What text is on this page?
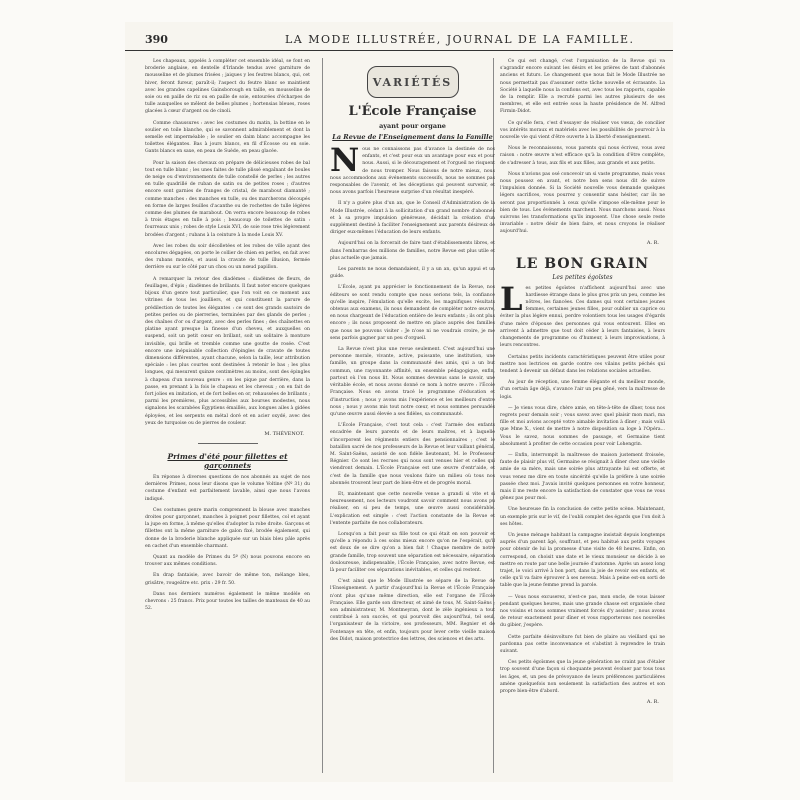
390	LA MODE ILLUSTRÉE, JOURNAL DE LA FAMILLE.

Les chapeaux, appelés à compléter cet ensemble idéal, se font en broderie anglaise, en dentelle d'Irlande tendus avec garniture de mousseline et de plumes frisées ; jaiques y les feutres blancs, qui, cet hiver, feront fureur, paraît-il; l'aspect du feutre blanc se maintient avec les grandes capelines Gainsborough en taille, en mousseline de soie ou en paille de riz ou en paille de soie, entourées d'écharpes de tulle auxquelles se mêlent de belles plumes ; hortensias bleues, roses glacées à cœur d'argent ou de cinoli.

Comme chaussures : avec les costumes du matin, la bottine en le soulier en toile blanche, qui se savonnent admirablement et dont la semelle est imperméable ; le soulier en daim blanc accompagne les toilettes élégantes. Bas à jours blancs, en fil d'Écosse ou en soie. Gants blancs en saxe, en peau de Suède, en peau glacée.

Pour la saison des chevaux on prépare de délicieuses robes de bal tout en tulle blanc ; les unes faites de tulle plissé engaînant de boules de neige ou d'environnements de tulle constellé de perles ; les autres en tulle quadrillé de ruban de satin ou de petites roses ; d'autres encore sont garnies de franges de cristal, de marabout diamanté ; comme manches : des manches en tulle, ou des marcherons découpés en forme de larges feuilles d'acanthe ou de rochettes de tulle légères comme des plumes de marabout. On verra encore beaucoup de robes à trois étages en tulle à pois ; beaucoup de toilettes de satin : fourreaux unis ; robes de style Louis XVI, de soie rose très légèrement brodées d'argent ; rubans à la ceinture à la mode Louis XV.

Avec les robes du soir décolletées et les robes de ville ayant des encolures dégagées, on porte le collier de chien en perles, en fait avec des rubans montés, et aussi la cravate de tulle illusion, fermée derrière ou sur le côté par un chou ou un nœud papillon.

A remarquer la retour des diadèmes : diadèmes de fleurs, de feuillages, d'épis ; diadèmes de brillants. Il faut noter encore quelques bijoux d'un genre tout particulier, que l'on voit en ce moment aux vitrines de tous les joailliers, et qui constituent la parure de prédilection de toutes les élégantes : ce sont des grands sautoirs de petites perles ou de pierreries, terminées par des glands de perles ; des chaînes d'or ou d'argent, avec des perles fines ; des chaînettes en platine ayant presque la finesse d'un cheveu, et auxquelles on suspend, soit un petit cœur en brillant, soit un solitaire à monture invisible, qui brille et tremble comme une goutte de rosée. C'est encore une inépuisable collection d'épingles de cravate de toutes dimensions différentes, ayant chacune, selon la taille, leur attribution spéciale : les plus courtes sont destinées à retenir le bas ; les plus longues, qui mesurent quinze centimètres au moins, sont des épingles à chapeau d'un nouveau genre : on les pique par derrière, dans la passe, en prenant à la fois le chapeau et les cheveux ; on en fait de fort jolies en imitation, et de fort belles en or, rehaussées de brillants ; parmi les premières, plus accessibles aux bourses modestes, nous signalons les scarabées Égyptiens émaillés, aux longues ailes à gidées éployées, et les serpents en métal doré et en acier oxydé, avec des yeux de turquoise ou de pierres de couleur.

M. THÉVENOT.
Primes d'été pour fillettes et garçonnets

En réponse à diverses questions de nos abonnés au sujet de nos dernières Primes, nous leur disons que le volume Voltine (Nº 31) du costume d'enfant est parfaitement lavable, ainsi que nous l'avons indiqué.

Ces costumes genre marin comprennent la blouse avec manches droites pour garçonnet, manches à poignet pour fillettes, col et ayant la jupe en forme, à même qu'elles d'adopter la robe droite. Garçons et fillettes ont la même garniture de galon fixé, brodée également, qui donne de la broderie blanche appliquée sur un biais bleu pâle après en cachet d'un ensemble charmant.

Quant au modèle de Primes du 5º (N) nous pouvons encore en trouver aux mêmes conditions.

En drap fantaisie, avec bavoir de même ton, mélange bleu, grisâtre, rougeâtre etc. prix : 29 fr. 50.

Dans nos derniers numéros également le même modèle en chevrons : 25 francs. Prix pour toutes les tailles de manteaux de 40 au 52.

VARIÉTÉS
L'École Française
ayant pour organe
La Revue de l'Enseignement dans la Famille

Nous ne connaissons pas d'avance la destinée de nos enfants, et c'est pour eux un avantage pour eux et pour nous. Aussi, si le découragement et l'orgueil ne risquent de nous tromper. Nous faisons de notre mieux, nous nous accommodons aux événements successifs, nous ne sommes pas responsables de l'avenir, et les déceptions qui peuvent survenir, et nous avons parfois l'heureuse surprise d'un résultat inespéré.

Il n'y a guère plus d'un an, que le Conseil d'Administration de la Mode Illustrée, cédant à la sollicitation d'un grand nombre d'abonnés et à sa propre impulsion généreuse, décidait la création d'un supplément destiné à faciliter l'enseignement aux parents désireux de diriger eux-mêmes l'éducation de leurs enfants.

Aujourd'hui on la forcerait de faire tant d'établissements libres, et dans l'embarras des millions de familles, notre Revue est plus utile et plus actuelle que jamais.

Les parents ne nous demandaient, il y a un an, qu'un appui et un guide.

L'École, ayant pu apprécier le fonctionnement de la Revue, nos éditeurs se sont rendu compte que nous serions tels, la confiance qu'elle inspire, l'émulation qu'elle excite, les magnifiques résultats obtenus aux examens, ils nous demandent de compléter notre œuvre, en nous chargeant de l'éducation entière de leurs enfants ; ils ont plus encore ; ils nous proposent de mettre en place auprès des familles que nous ne pouvons visiter : Je n'ose ni ne voudrais croire, je me sens parfois gagner par un peu d'orgueil.

La Revue n'est plus une revue seulement. C'est aujourd'hui une personne morale, vivante, active, puissante, une institution, une famille, un groupe dans la communauté des amis, qui a un but commun, une rayonnante affinité, un ensemble pédagogique, enfin, partout où l'on nous lit. Nous sommes devenus sans le savoir, une véritable école, et nous avons donné ce nom à notre œuvre : l'École Française. Nous en avons tracé le programme d'éducation et d'instruction ; nous y avons mis l'expérience et les meilleurs d'entre nous ; nous y avons mis tout notre cœur, et nous sommes persuadés qu'une œuvre aussi élevée a ses fidèles, sa communauté.

L'École Française, c'est tout cela : c'est l'armée des enfants encadrée de leurs parents et de leurs maîtres, et à laquelle s'incorporent les régiments entiers des pensionnaires ; c'est le bataillon sacré de nos professeurs de la Revue et leur vaillant général, M. Saint-Saëns, assisté de son fidèle lieutenant, M. le Professeur Régnier. Ce sont les recrues qui nous sont venues hier et celles qui viendront demain. L'École Française est une œuvre d'entr'aide, et c'est de la famille que nous voulons faire un milieu où tous nos abonnés trouvent leur part de bien-être et de progrès moral.

Et, maintenant que cette nouvelle venue a grandi si vite et si heureusement, nos lecteurs voudront savoir comment nous avons pu réaliser, en si peu de temps, une œuvre aussi considérable. L'explication est simple : c'est l'action constante de la Revue et l'entente parfaite de nos collaborateurs.

Lorsqu'on a fait pour sa fille tout ce qui était en son pouvoir et qu'elle a répondu à ces soins mieux encore qu'on ne l'espérait, qu'il est doux de se dire qu'on a bien fait ! Chaque membre de notre grande famille, trop souvent une séparation est nécessaire, séparation douloureuse, indispensable, l'École Française, avec notre Revue, est là pour faciliter ces séparations inévitables, et celles qui restent.

C'est ainsi que le Mode Illustrée se sépare de la Revue de l'Enseignement. A partir d'aujourd'hui la Revue et l'École Française n'ont plus qu'une même direction, elle est l'organe de l'École Française. Elle garde son directeur, et aimé de tous, M. Saint-Saëns ; son administrateur, M. Montmeyran, dont le zèle ingénieux a tout contribué à son succès, et qui pourvoit dès aujourd'hui, tel seul, l'organisateur de la victoire, ses professeurs, MM. Regnier et de Fontenaye en tête, et enfin, toujours pour lever cette vieille maison des Didot, maison protectrice des lettres, des sciences et des arts.

Ce qui est changé, c'est l'organisation de la Revue qui va s'agrandir encore suivant les désirs et les prières de tant d'abonnés anciens et futurs. Le changement que nous fait le Mode Illustrée ne nous permettait pas d'assumer cette tâche nouvelle et écrasante. La Société à laquelle nous la confions est, avec tous les rapports, capable de la remplir. Elle a recruté parmi les autres plusieurs de ses membres, et elle est entrée sous la haute présidence de M. Alfred Firmin-Didot.

Ce qu'elle fera, c'est d'essayer de réaliser vos vœux, de concilier vos intérêts moraux et matériels avec les possibilités de pourvoir à la nouvelle vie qui vient d'être ouverte à la liberté d'enseignement.

Nous le reconnaissons, vous parents qui nous écrivez, vous avez raison : notre œuvre n'est efficace qu'à la condition d'être complète, de s'adresser à tous, aux fils et aux filles, aux grands et aux petits.

Nous n'avions pas osé concevoir un si vaste programme, mais vous nous poussez en avant, et notre bon sens nous dit de suivre l'impulsion donnée. Si la Société nouvelle vous demande quelques légers sacrifices, vous pourrez y consentir sans hésiter, car ils ne seront pas proportionnés à ceux qu'elle s'impose elle-même pour le bien de tous. Les événements marchent. Nous marchons aussi. Nous suivrons les transformations qu'ils imposent. Une chose seule reste invariable : notre désir de bien faire, et nous croyons le réaliser aujourd'hui.

A. R.
LE BON GRAIN
Les petites égoïstes

Les petites égoïstes n'affichent aujourd'hui avec une hardiesse étrange dans le plus gros prix un peu, comme les nôtres, les fiancées. Ces dames qui vont certaines jeunes femmes, certaines jeunes filles, pour oublier un caprice ou éviter la plus légère ennui, perdre volontiers tous les usages d'égards d'une mère d'épouse des personnes qui vous entourent. Elles en arrivent à admettre que tout doit céder à leurs fantaisies, à leurs changements de programme ou d'humeur, à leurs improvisations, à leurs rencontres.

Certains petits incidents caractéristiques peuvent être utiles pour mettre nos lectrices en garde contre ces vilains petits péchés qui tendent à devenir un défaut dans les relations sociales actuelles.

Au jour de réception, une femme élégante et du meilleur monde, d'un certain âge déjà, s'avance l'air un peu gêné, vers la maîtresse de logis.

— Je viens vous dire, chère amie, en tête-à-tête de dîner, tous nos regrets pour demain soir ; vous savez avec quel plaisir mon mari, ma fille et moi avions accepté votre aimable invitation à dîner ; mais voilà que Mme X., vient de mettre à notre disposition sa loge à l'Opéra... Vous le savez, nous sommes de passage, et Germaine tient absolument à profiter de cette occasion pour voir Lohengrin.

— Enfin, interrompit la maîtresse de maison justement froissée, faute de plaisir plus vif, Germaine se résignait à dîner chez une vieille amie de sa mère, mais une soirée plus attrayante lui est offerte, et vous venez me dire en toute sincérité qu'elle la préfère à une soirée passée chez moi. J'avais invité quelques personnes en votre honneur, mais il me reste encore la satisfaction de constater que vous ne vous gênez pas pour moi.

Une heureuse fin la conclusion de cette petite scène. Maintenant, un exemple pris sur le vif, de l'oubli complet des égards que l'on doit à ses hôtes.

Un jeune ménage habitant la campagne insistait depuis longtemps auprès d'un parent âgé, souffrant, et peu habitué aux petits voyages pour obtenir de lui la promesse d'une visite de 48 heures. Enfin, on correspond, on choisit une date et le vieux monsieur se décide à se mettre en route par une belle journée d'automne. Après un assez long trajet, le voici arrivé à bon port, dans la joie de revoir ses enfants, et celle qu'il va faire éprouver à ses neveux. Mais à peine est-on sorti de table que la jeune femme prend la parole.

— Vous nous excuserez, n'est-ce pas, mon oncle, de vous laisser pendant quelques heures, mais une grande chasse est organisée chez nos voisins et nous sommes vraiment forcés d'y assister ; nous avons de retour exactement pour dîner et vous rapporterons nos nouvelles du gibier, j'espère.

Cette parfaite désinvolture fut bien de plaire au vieillard qui ne pardonna pas cette inconvenance et s'abstint à reprendre le train suivant.

Ces petits égoïsmes que la jeune génération ne craint pas d'étaler trop souvent d'une façon si choquante peuvent évoluer par tous tous les âges, et, un peu de prévoyance de leurs préférences particulières amène quelquefois non seulement la satisfaction des autres et son propre bien-être d'abord.

A. R.
